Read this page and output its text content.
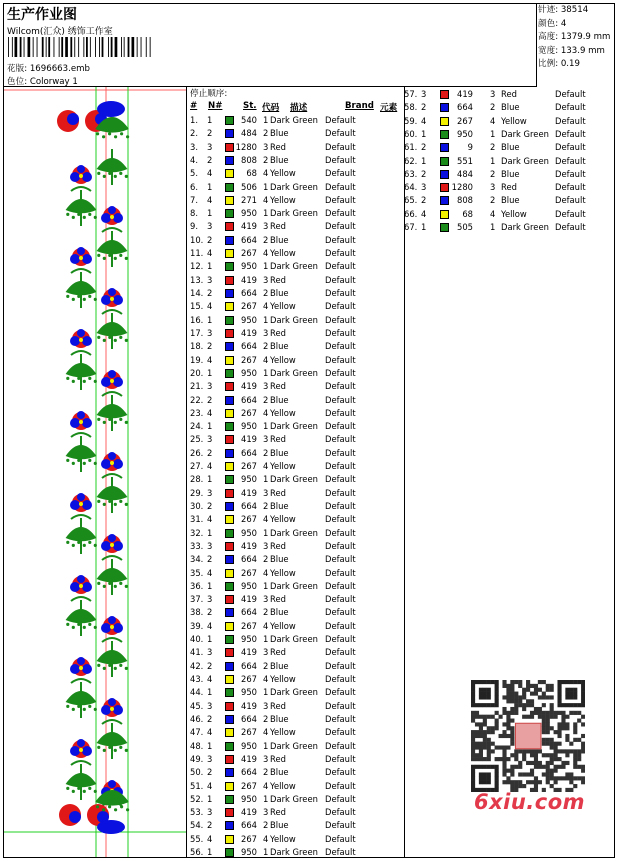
生产作业图
Wilcom(汇众) 绣饰工作室
花版: 1696663.emb
色位: Colorway 1
针迹: 38514
颜色: 4
高度: 1379.9 mm
宽度: 133.9 mm
比例: 0.19
停止顺序:
# N# St. 代码 描述	Brand 元素
1. 1	540 1 Dark Green Default
2. 2	484 2 Blue	Default
3. 3	1280 3 Red	Default
4. 2	808 2 Blue	Default
5. 4	68 4 Yellow	Default
6. 1	506 1 Dark Green Default
7. 4	271 4 Yellow	Default
8. 1	950 1 Dark Green Default
9. 3	419 3 Red	Default
10. 2	664 2 Blue	Default
11. 4	267 4 Yellow	Default
12. 1	950 1 Dark Green Default
13. 3	419 3 Red	Default
14. 2	664 2 Blue	Default
15. 4	267 4 Yellow	Default
16. 1	950 1 Dark Green Default
17. 3	419 3 Red	Default
18. 2	664 2 Blue	Default
19. 4	267 4 Yellow	Default
20. 1	950 1 Dark Green Default
21. 3	419 3 Red	Default
22. 2	664 2 Blue	Default
23. 4	267 4 Yellow	Default
24. 1	950 1 Dark Green Default
25. 3	419 3 Red	Default
26. 2	664 2 Blue	Default
27. 4	267 4 Yellow	Default
28. 1	950 1 Dark Green Default
29. 3	419 3 Red	Default
30. 2	664 2 Blue	Default
31. 4	267 4 Yellow	Default
32. 1	950 1 Dark Green Default
33. 3	419 3 Red	Default
34. 2	664 2 Blue	Default
35. 4	267 4 Yellow	Default
36. 1	950 1 Dark Green Default
37. 3	419 3 Red	Default
38. 2	664 2 Blue	Default
39. 4	267 4 Yellow	Default
40. 1	950 1 Dark Green Default
41. 3	419 3 Red	Default
42. 2	664 2 Blue	Default
43. 4	267 4 Yellow	Default
44. 1	950 1 Dark Green Default
45. 3	419 3 Red	Default
46. 2	664 2 Blue	Default
47. 4	267 4 Yellow	Default
48. 1	950 1 Dark Green Default
49. 3	419 3 Red	Default
50. 2	664 2 Blue	Default
51. 4	267 4 Yellow	Default
52. 1	950 1 Dark Green Default
53. 3	419 3 Red	Default
54. 2	664 2 Blue	Default
55. 4	267 4 Yellow	Default
56. 1	950 1 Dark Green Default
57. 3	419 3 Red	Default
58. 2	664 2 Blue	Default
59. 4	267 4 Yellow	Default
60. 1	950 1 Dark Green Default
61. 2	9 2 Blue	Default
62. 1	551 1 Dark Green Default
63. 2	484 2 Blue	Default
64. 3	1280 3 Red	Default
65. 2	808 2 Blue	Default
66. 4	68 4 Yellow	Default
67. 1	505 1 Dark Green Default
6xiu.com
